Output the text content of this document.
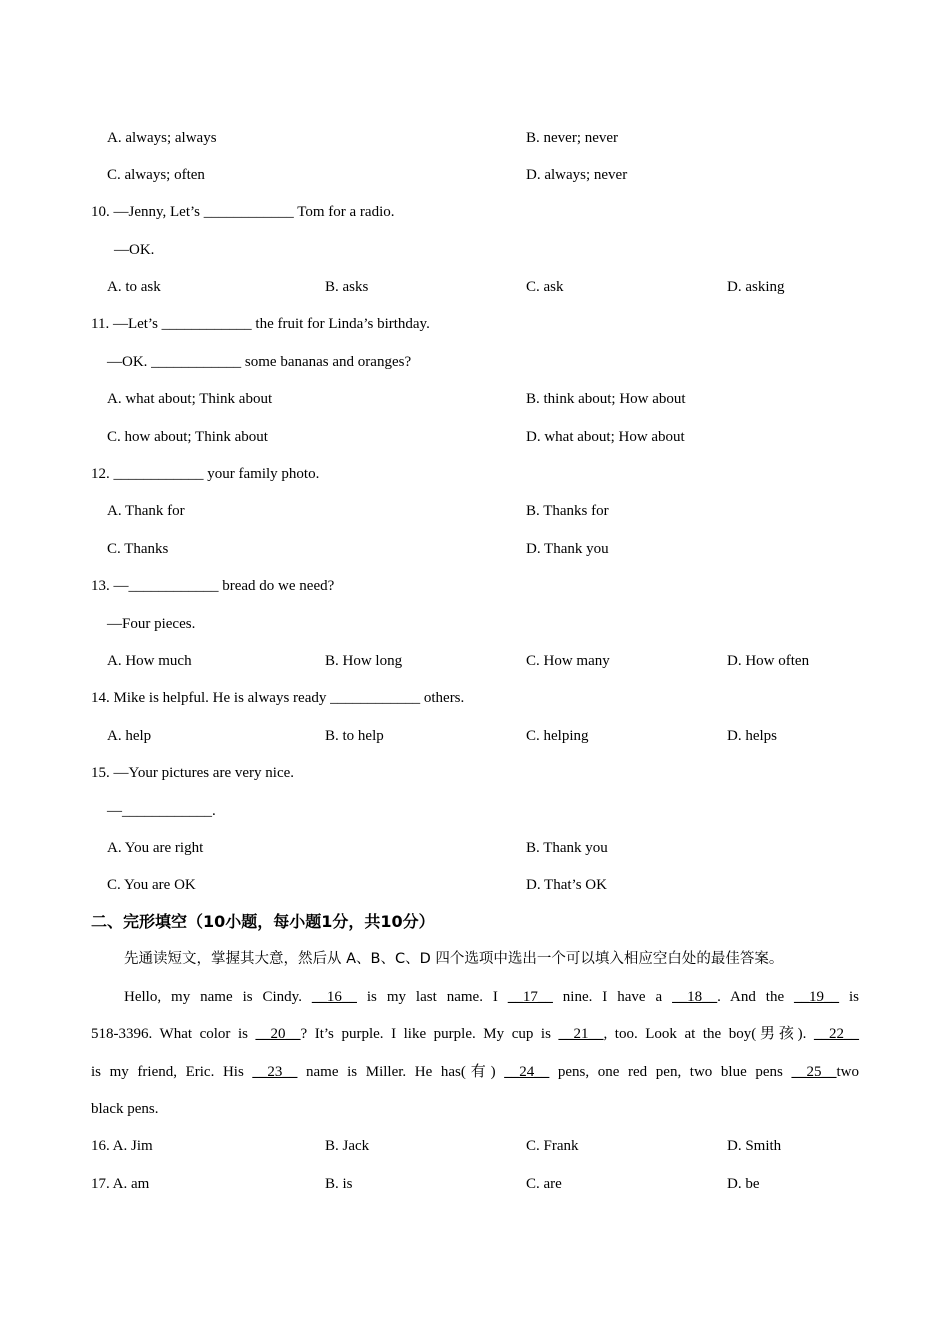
A. always; always	B. never; never
C. always; often	D. always; never
10. —Jenny, Let’s ____________ Tom for a radio.
—OK.
A. to ask	B. asks	C. ask	D. asking
11. —Let’s ____________ the fruit for Linda’s birthday.
—OK. ____________ some bananas and oranges?
A. what about; Think about	B. think about; How about
C. how about; Think about	D. what about; How about
12. ____________ your family photo.
A. Thank for	B. Thanks for
C. Thanks	D. Thank you
13. —____________ bread do we need?
—Four pieces.
A. How much	B. How long	C. How many	D. How often
14. Mike is helpful. He is always ready ____________ others.
A. help	B. to help	C. helping	D. helps
15. —Your pictures are very nice.
—____________.
A. You are right	B. Thank you
C. You are OK	D. That’s OK
二、完形填空（10小题，每小题1分，共10分）
先通读短文，掌握其大意，然后从 A、B、C、D 四个选项中选出一个可以填入相应空白处的最佳答案。
Hello, my name is Cindy. __16__ is my last name. I __17__ nine. I have a __18__. And the __19__ is
518-3396. What color is __20__? It’s purple. I like purple. My cup is __21__, too. Look at the boy(男孩). __22__
is my friend, Eric. His __23__ name is Miller. He has(有) __24__ pens, one red pen, two blue pens __25__two
black pens.
16. A. Jim	B. Jack	C. Frank	D. Smith
17. A. am	B. is	C. are	D. be
